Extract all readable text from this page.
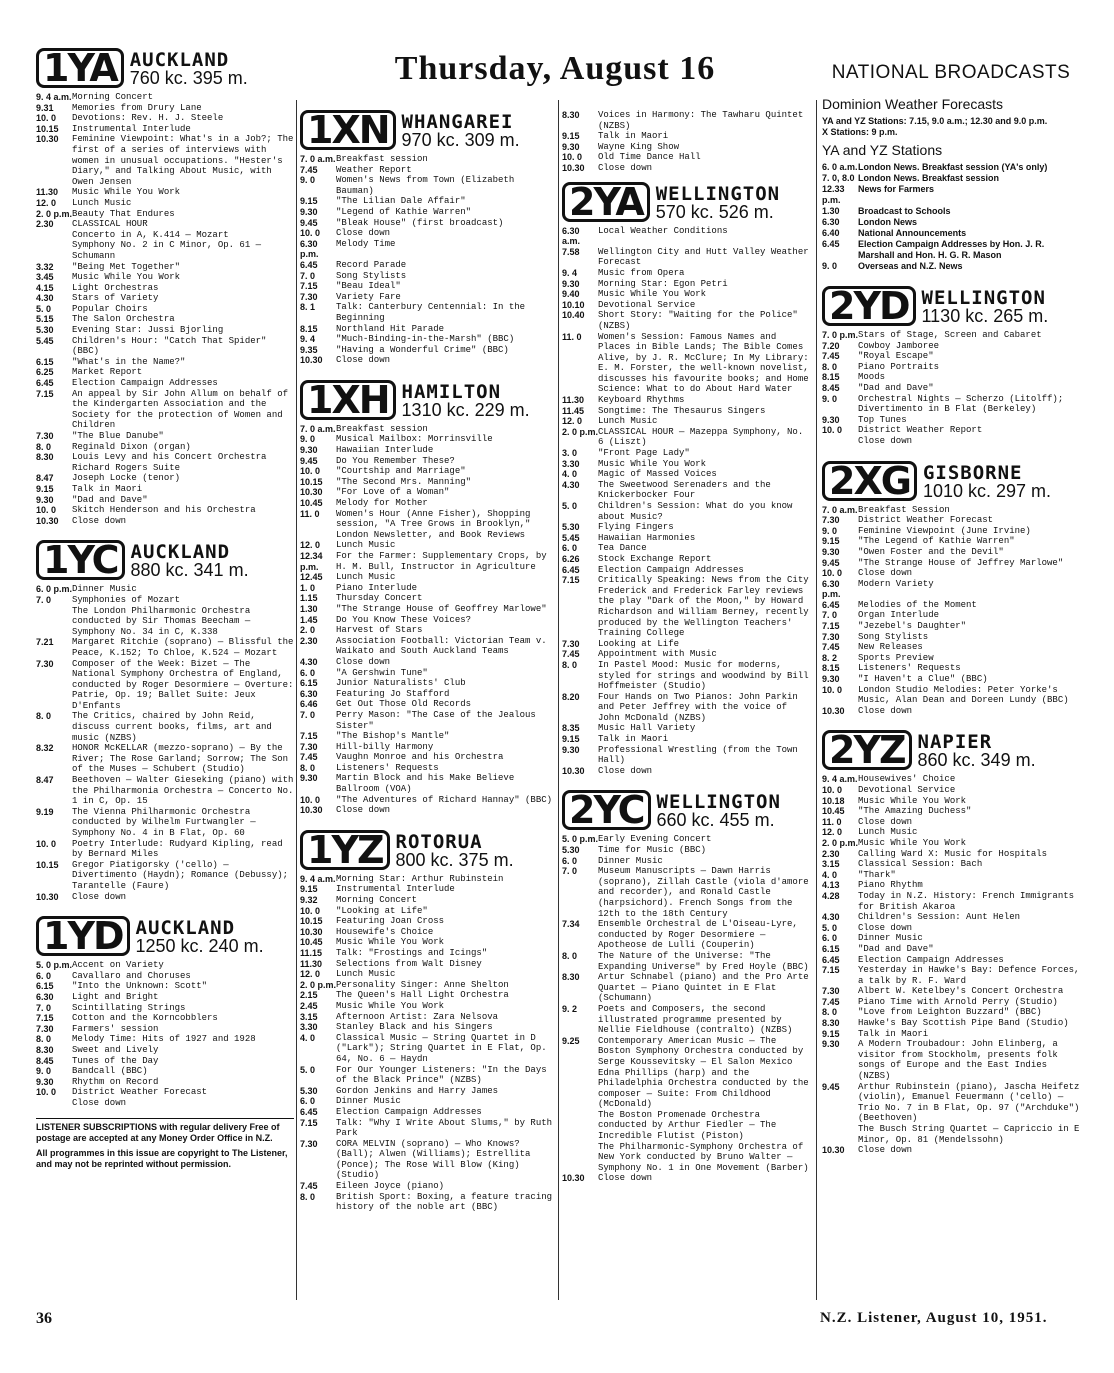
Thursday, August 16	NATIONAL BROADCASTS
1YA AUCKLAND
760 kc. 395 m.
9. 4 a.m. Morning Concert
9.31	Memories from Drury Lane
10. 0	Devotions: Rev. H. J. Steele
10.15	Instrumental Interlude
10.30	Feminine Viewpoint: What's in a Job?; The first of a series of interviews with women in unusual occupations. "Hester's Diary," and Talking About Music, with Owen Jensen
11.30	Music While You Work
12. 0	Lunch Music
2. 0 p.m. Beauty That Endures
2.30	CLASSICAL HOUR
Concerto in A, K.414 — Mozart
Symphony No. 2 in C Minor, Op. 61 — Schumann
3.32	"Being Met Together"
3.45	Music While You Work
4.15	Light Orchestras
4.30	Stars of Variety
5. 0	Popular Choirs
5.15	The Salon Orchestra
5.30	Evening Star: Jussi Bjorling
5.45	Children's Hour: "Catch That Spider" (BBC)
6.15	"What's in the Name?"
6.25	Market Report
6.45	Election Campaign Addresses
7.15	An appeal by Sir John Allum on behalf of the Kindergarten Association and the Society for the protection of Women and Children
7.30	"The Blue Danube"
8. 0	Reginald Dixon (organ)
8.30	Louis Levy and his Concert Orchestra
Richard Rogers Suite
8.47	Joseph Locke (tenor)
9.15	Talk in Maori
9.30	"Dad and Dave"
10. 0	Skitch Henderson and his Orchestra
10.30	Close down
1YC AUCKLAND
880 kc. 341 m.
6. 0 p.m. Dinner Music
7. 0	Symphonies of Mozart
The London Philharmonic Orchestra conducted by Sir Thomas Beecham — Symphony No. 34 in C, K.338
7.21	Margaret Ritchie (soprano) — Blissful the Peace, K.152; To Chloe, K.524 — Mozart
7.30	Composer of the Week: Bizet — The National Symphony Orchestra of England, conducted by Roger Desormiere — Overture: Patrie, Op. 19; Ballet Suite: Jeux D'Enfants
8. 0	The Critics, chaired by John Reid, discuss current books, films, art and music (NZBS)
8.32	HONOR McKELLAR (mezzo-soprano) — By the River; The Rose Garland; Sorrow; The Son of the Muses — Schubert (Studio)
8.47	Beethoven — Walter Gieseking (piano) with the Philharmonia Orchestra — Concerto No. 1 in C, Op. 15
9.19	The Vienna Philharmonic Orchestra conducted by Wilhelm Furtwangler — Symphony No. 4 in B Flat, Op. 60
10. 0	Poetry Interlude: Rudyard Kipling, read by Bernard Miles
10.15	Gregor Piatigorsky ('cello) — Divertimento (Haydn); Romance (Debussy); Tarantelle (Faure)
10.30	Close down
1YD AUCKLAND
1250 kc. 240 m.
5. 0 p.m. Accent on Variety
6. 0	Cavallaro and Choruses
6.15	"Into the Unknown: Scott"
6.30	Light and Bright
7. 0	Scintillating Strings
7.15	Cotton and the Korncobblers
7.30	Farmers' session
8. 0	Melody Time: Hits of 1927 and 1928
8.30	Sweet and Lively
8.45	Tunes of the Day
9. 0	Bandcall (BBC)
9.30	Rhythm on Record
10. 0	District Weather Forecast
Close down
LISTENER SUBSCRIPTIONS with regular delivery Free of postage are accepted at any Money Order Office in N.Z.
All programmes in this issue are copyright to The Listener, and may not be reprinted without permission.
1XN WHANGAREI
970 kc. 309 m.
7. 0 a.m. Breakfast session
7.45	Weather Report
9. 0	Women's News from Town (Elizabeth Bauman)
9.15	"The Lilian Dale Affair"
9.30	"Legend of Kathie Warren"
9.45	"Bleak House" (first broadcast)
10. 0	Close down
6.30 p.m.
Melody Time
6.45	Record Parade
7. 0	Song Stylists
7.15	"Beau Ideal"
7.30	Variety Fare
8. 1	Talk: Canterbury Centennial: In the Beginning
8.15	Northland Hit Parade
9. 4	"Much-Binding-in-the-Marsh" (BBC)
9.35	"Having a Wonderful Crime" (BBC)
10.30	Close down
1XH HAMILTON
1310 kc. 229 m.
7. 0 a.m. Breakfast session
9. 0	Musical Mailbox: Morrinsville
9.30	Hawaiian Interlude
9.45	Do You Remember These?
10. 0	"Courtship and Marriage"
10.15	"The Second Mrs. Manning"
10.30	"For Love of a Woman"
10.45	Melody for Mother
11. 0	Women's Hour (Anne Fisher), Shopping session, "A Tree Grows in Brooklyn," London Newsletter, and Book Reviews
12. 0	Lunch Music
12.34 p.m.
For the Farmer: Supplementary Crops, by H. M. Bull, Instructor in Agriculture
12.45	Lunch Music
1. 0	Piano Interlude
1.15	Thursday Concert
1.30	"The Strange House of Geoffrey Marlowe"
1.45	Do You Know These Voices?
2. 0	Harvest of Stars
2.30	Association Football: Victorian Team v. Waikato and South Auckland Teams
4.30	Close down
6. 0	"A Gershwin Tune"
6.15	Junior Naturalists' Club
6.30	Featuring Jo Stafford
6.46	Get Out Those Old Records
7. 0	Perry Mason: "The Case of the Jealous Sister"
7.15	"The Bishop's Mantle"
7.30	Hill-billy Harmony
7.45	Vaughn Monroe and his Orchestra
8. 0	Listeners' Requests
9.30	Martin Block and his Make Believe Ballroom (VOA)
10. 0	"The Adventures of Richard Hannay" (BBC)
10.30	Close down
1YZ ROTORUA
800 kc. 375 m.
9. 4 a.m. Morning Star: Arthur Rubinstein
9.15	Instrumental Interlude
9.32	Morning Concert
10. 0	"Looking at Life"
10.15	Featuring Joan Cross
10.30	Housewife's Choice
10.45	Music While You Work
11.15	Talk: "Frostings and Icings"
11.30	Selections from Walt Disney
12. 0	Lunch Music
2. 0 p.m. Personality Singer: Anne Shelton
2.15	The Queen's Hall Light Orchestra
2.45	Music While You Work
3.15	Afternoon Artist: Zara Nelsova
3.30	Stanley Black and his Singers
4. 0	Classical Music — String Quartet in D ("Lark"); String Quartet in E Flat, Op. 64, No. 6 — Haydn
5. 0	For Our Younger Listeners: "In the Days of the Black Prince" (NZBS)
5.30	Gordon Jenkins and Harry James
6. 0	Dinner Music
6.45	Election Campaign Addresses
7.15	Talk: "Why I Write About Slums," by Ruth Park
7.30	CORA MELVIN (soprano) — Who Knows? (Ball); Alwen (Williams); Estrellita (Ponce); The Rose Will Blow (King) (Studio)
7.45	Eileen Joyce (piano)
8. 0	British Sport: Boxing, a feature tracing history of the noble art (BBC)
8.30	Voices in Harmony: The Tawharu Quintet (NZBS)
9.15	Talk in Maori
9.30	Wayne King Show
10. 0	Old Time Dance Hall
10.30	Close down
2YA WELLINGTON
570 kc. 526 m.
6.30 a.m.
Local Weather Conditions
7.58	Wellington City and Hutt Valley Weather Forecast
9. 4	Music from Opera
9.30	Morning Star: Egon Petri
9.40	Music While You Work
10.10	Devotional Service
10.40	Short Story: "Waiting for the Police" (NZBS)
11. 0	Women's Session: Famous Names and Places in Bible Lands; The Bible Comes Alive, by J. R. McClure; In My Library: E. M. Forster, the well-known novelist, discusses his favourite books; and Home Science: What to do About Hard Water
11.30	Keyboard Rhythms
11.45	Songtime: The Thesaurus Singers
12. 0	Lunch Music
2. 0 p.m. CLASSICAL HOUR — Mazeppa Symphony, No. 6 (Liszt)
3. 0	"Front Page Lady"
3.30	Music While You Work
4. 0	Magic of Massed Voices
4.30	The Sweetwood Serenaders and the Knickerbocker Four
5. 0	Children's Session: What do you know about Music?
5.30	Flying Fingers
5.45	Hawaiian Harmonies
6. 0	Tea Dance
6.26	Stock Exchange Report
6.45	Election Campaign Addresses
7.15	Critically Speaking: News from the City Frederick and Frederick Farley reviews the play "Dark of the Moon," by Howard Richardson and William Berney, recently produced by the Wellington Teachers' Training College
7.30	Looking at Life
7.45	Appointment with Music
8. 0	In Pastel Mood: Music for moderns, styled for strings and woodwind by Bill Hoffmeister (Studio)
8.20	Four Hands on Two Pianos: John Parkin and Peter Jeffrey with the voice of John McDonald (NZBS)
8.35	Music Hall Variety
9.15	Talk in Maori
9.30	Professional Wrestling (from the Town Hall)
10.30	Close down
2YC WELLINGTON
660 kc. 455 m.
5. 0 p.m. Early Evening Concert
5.30	Time for Music (BBC)
6. 0	Dinner Music
7. 0	Museum Manuscripts — Dawn Harris (soprano), Zillah Castle (viola d'amore and recorder), and Ronald Castle (harpsichord). French Songs from the 12th to the 18th Century
7.34	Ensemble Orchestral de L'Oiseau-Lyre, conducted by Roger Desormiere — Apotheose de Lulli (Couperin)
8. 0	The Nature of the Universe: "The Expanding Universe" by Fred Hoyle (BBC)
8.30	Artur Schnabel (piano) and the Pro Arte Quartet — Piano Quintet in E Flat (Schumann)
9. 2	Poets and Composers, the second illustrated programme presented by Nellie Fieldhouse (contralto) (NZBS)
9.25	Contemporary American Music — The Boston Symphony Orchestra conducted by Serge Koussevitsky — El Salon Mexico
Edna Phillips (harp) and the Philadelphia Orchestra conducted by the composer — Suite: From Childhood (McDonald)
The Boston Promenade Orchestra conducted by Arthur Fiedler — The Incredible Flutist (Piston)
The Philharmonic-Symphony Orchestra of New York conducted by Bruno Walter — Symphony No. 1 in One Movement (Barber)
10.30	Close down
Dominion Weather Forecasts
YA and YZ Stations: 7.15, 9.0 a.m.; 12.30 and 9.0 p.m.
X Stations: 9 p.m.
YA and YZ Stations
6. 0 a.m. London News. Breakfast session (YA's only)
7. 0, 8.0 London News. Breakfast session
12.33 p.m.
News for Farmers
1.30	Broadcast to Schools
6.30	London News
6.40	National Announcements
6.45	Election Campaign Addresses by Hon. J. R. Marshall and Hon. H. G. R. Mason
9. 0	Overseas and N.Z. News
2YD WELLINGTON
1130 kc. 265 m.
7. 0 p.m. Stars of Stage, Screen and Cabaret
7.20	Cowboy Jamboree
7.45	"Royal Escape"
8. 0	Piano Portraits
8.15	Moods
8.45	"Dad and Dave"
9. 0	Orchestral Nights — Scherzo (Litolff); Divertimento in B Flat (Berkeley)
9.30	Top Tunes
10. 0	District Weather Report
Close down
2XG GISBORNE
1010 kc. 297 m.
7. 0 a.m. Breakfast Session
7.30	District Weather Forecast
9. 0	Feminine Viewpoint (June Irvine)
9.15	"The Legend of Kathie Warren"
9.30	"Owen Foster and the Devil"
9.45	"The Strange House of Jeffrey Marlowe"
10. 0	Close down
6.30 p.m.
Modern Variety
6.45	Melodies of the Moment
7. 0	Organ Interlude
7.15	"Jezebel's Daughter"
7.30	Song Stylists
7.45	New Releases
8. 2	Sports Preview
8.15	Listeners' Requests
9.30	"I Haven't a Clue" (BBC)
10. 0	London Studio Melodies: Peter Yorke's Music, Alan Dean and Doreen Lundy (BBC)
10.30	Close down
2YZ NAPIER
860 kc. 349 m.
9. 4 a.m. Housewives' Choice
10. 0	Devotional Service
10.18	Music While You Work
10.45	"The Amazing Duchess"
11. 0	Close down
12. 0	Lunch Music
2. 0 p.m. Music While You Work
2.30	Calling Ward X: Music for Hospitals
3.15	Classical Session: Bach
4. 0	"Thark"
4.13	Piano Rhythm
4.28	Today in N.Z. History: French Immigrants for British Akaroa
4.30	Children's Session: Aunt Helen
5. 0	Close down
6. 0	Dinner Music
6.15	"Dad and Dave"
6.45	Election Campaign Addresses
7.15	Yesterday in Hawke's Bay: Defence Forces, a talk by R. F. Ward
7.30	Albert W. Ketelbey's Concert Orchestra
7.45	Piano Time with Arnold Perry (Studio)
8. 0	"Love from Leighton Buzzard" (BBC)
8.30	Hawke's Bay Scottish Pipe Band (Studio)
9.15	Talk in Maori
9.30	A Modern Troubadour: John Elinberg, a visitor from Stockholm, presents folk songs of Europe and the East Indies (NZBS)
9.45	Arthur Rubinstein (piano), Jascha Heifetz (violin), Emanuel Feuermann ('cello) — Trio No. 7 in B Flat, Op. 97 ("Archduke") (Beethoven)
The Busch String Quartet — Capriccio in E Minor, Op. 81 (Mendelssohn)
10.30	Close down
36	N.Z. Listener, August 10, 1951.
